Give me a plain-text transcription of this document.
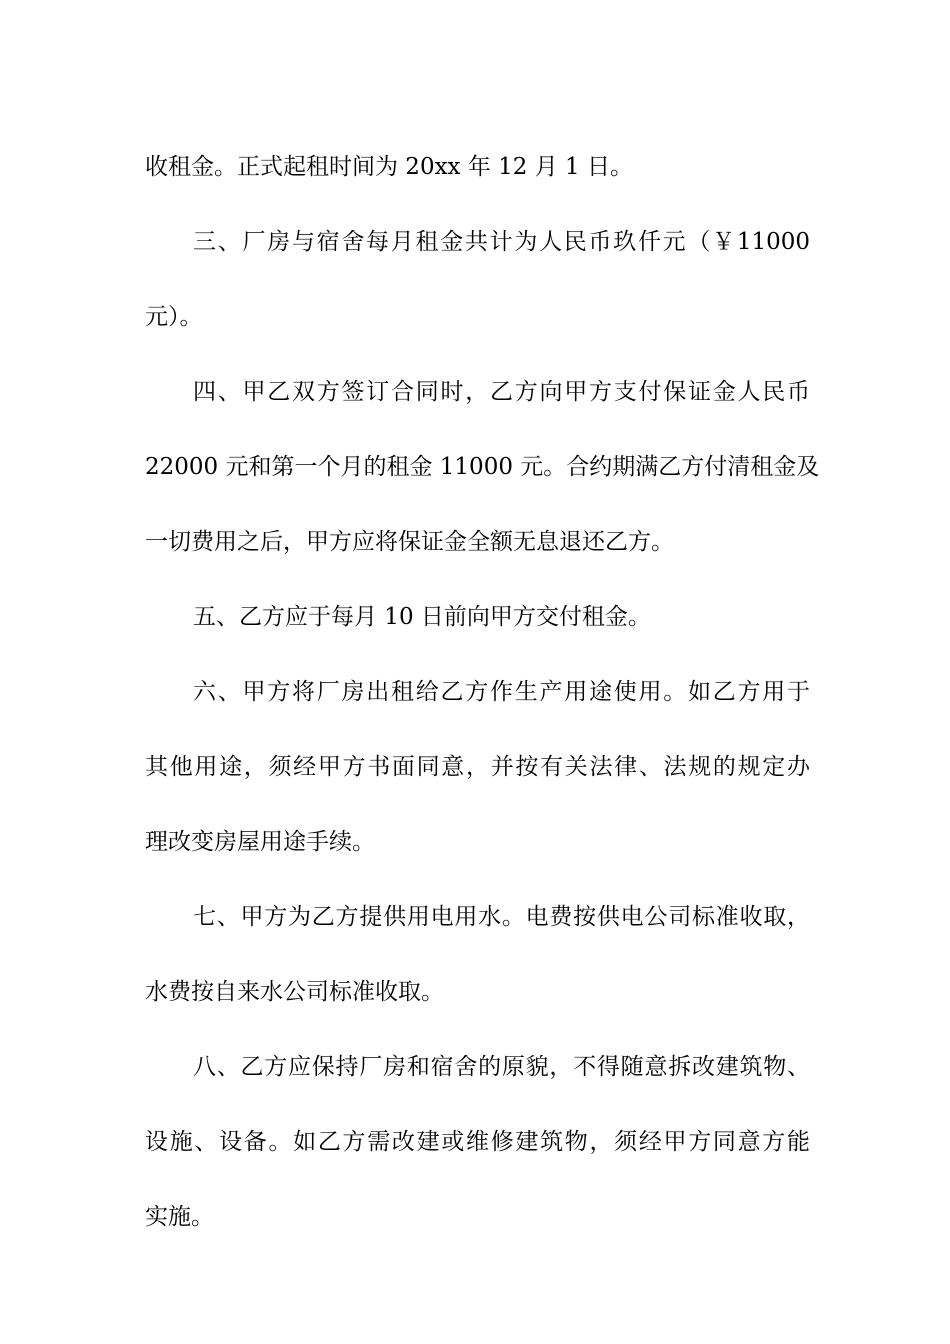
收租金。正式起租时间为 20xx 年 12 月 1 日。
三、厂房与宿舍每月租金共计为人民币玖仟元（￥11000
元）。
四、甲乙双方签订合同时，乙方向甲方支付保证金人民币
22000 元和第一个月的租金 11000 元。合约期满乙方付清租金及
一切费用之后，甲方应将保证金全额无息退还乙方。
五、乙方应于每月 10 日前向甲方交付租金。
六、甲方将厂房出租给乙方作生产用途使用。如乙方用于
其他用途，须经甲方书面同意，并按有关法律、法规的规定办
理改变房屋用途手续。
七、甲方为乙方提供用电用水。电费按供电公司标准收取，
水费按自来水公司标准收取。
八、乙方应保持厂房和宿舍的原貌，不得随意拆改建筑物、
设施、设备。如乙方需改建或维修建筑物，须经甲方同意方能
实施。
